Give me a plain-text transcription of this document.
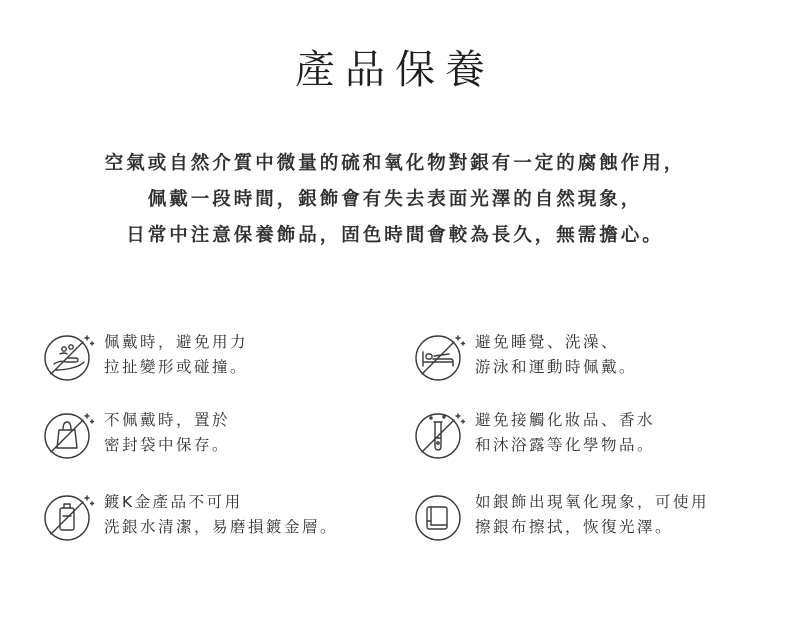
產品保養
空氣或自然介質中微量的硫和氧化物對銀有一定的腐蝕作用，
佩戴一段時間，銀飾會有失去表面光澤的自然現象，
日常中注意保養飾品，固色時間會較為長久，無需擔心。
佩戴時，避免用力
拉扯變形或碰撞。
避免睡覺、洗澡、
游泳和運動時佩戴。
不佩戴時，置於
密封袋中保存。
避免接觸化妝品、香水
和沐浴露等化學物品。
鍍K金產品不可用
洗銀水清潔，易磨損鍍金層。
如銀飾出現氧化現象，可使用
擦銀布擦拭，恢復光澤。
